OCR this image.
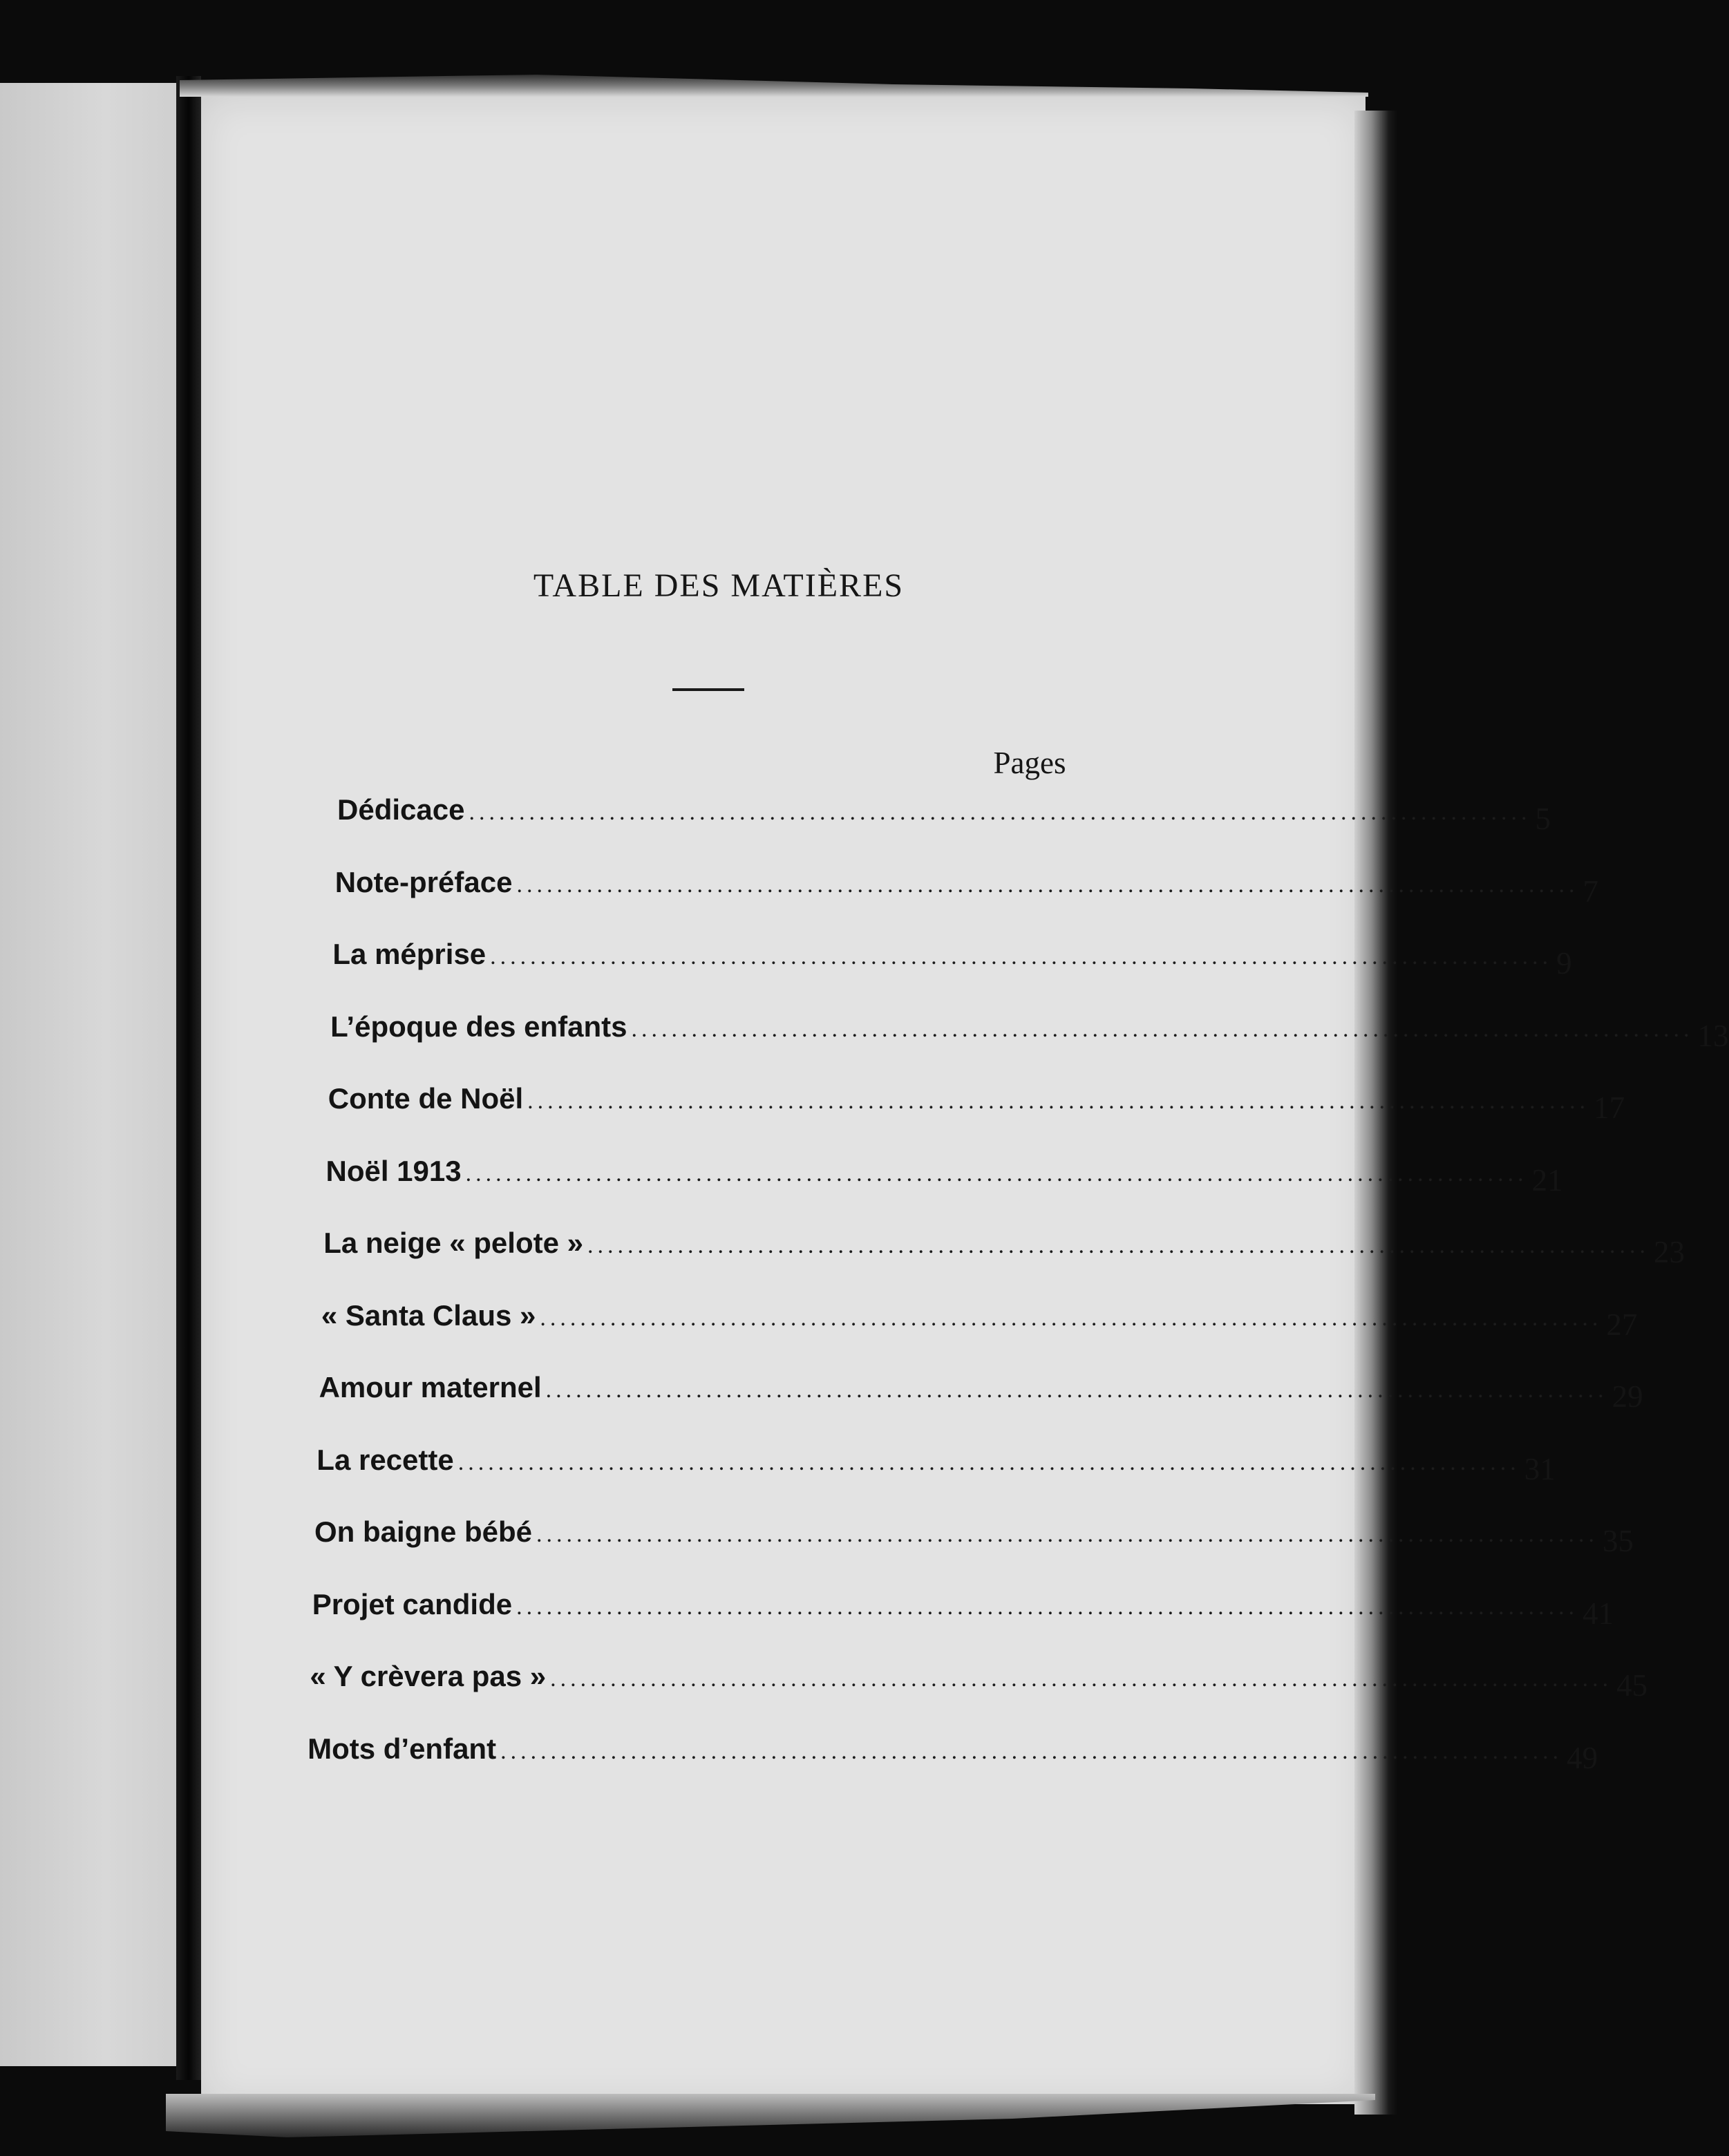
TABLE DES MATIÈRES
Pages
Dédicace .......................................................................................................... 5
Note-préface .......................................................................................................... 7
La méprise .......................................................................................................... 9
L’époque des enfants .......................................................................................................... 13
Conte de Noël .......................................................................................................... 17
Noël 1913 .......................................................................................................... 21
La neige « pelote » .......................................................................................................... 23
« Santa Claus » .......................................................................................................... 27
Amour maternel .......................................................................................................... 29
La recette .......................................................................................................... 31
On baigne bébé .......................................................................................................... 35
Projet candide .......................................................................................................... 41
« Y crèvera pas » .......................................................................................................... 45
Mots d’enfant .......................................................................................................... 49
